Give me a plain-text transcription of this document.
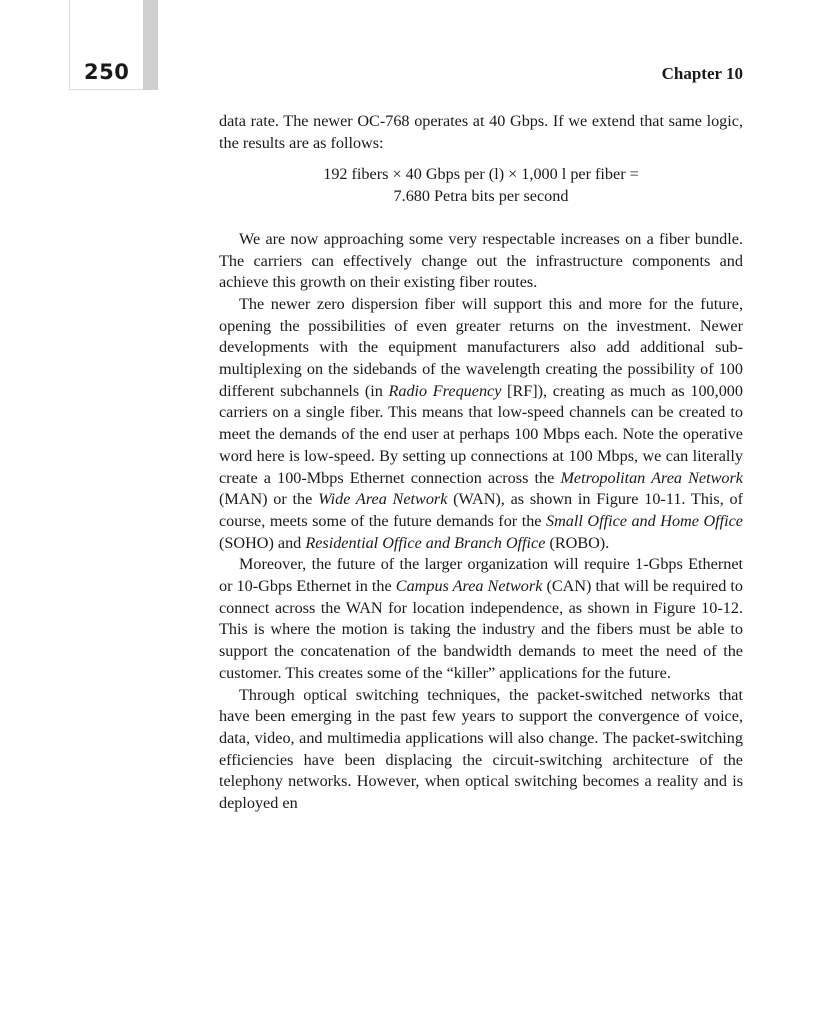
250	Chapter 10

data rate. The newer OC-768 operates at 40 Gbps. If we extend that same logic, the results are as follows:

192 fibers × 40 Gbps per (l) × 1,000 l per fiber =
7.680 Petra bits per second

We are now approaching some very respectable increases on a fiber bundle. The carriers can effectively change out the infrastructure components and achieve this growth on their existing fiber routes.

The newer zero dispersion fiber will support this and more for the future, opening the possibilities of even greater returns on the investment. Newer developments with the equipment manufacturers also add additional sub-multiplexing on the sidebands of the wavelength creating the possibility of 100 different subchannels (in Radio Frequency [RF]), creating as much as 100,000 carriers on a single fiber. This means that low-speed channels can be created to meet the demands of the end user at perhaps 100 Mbps each. Note the operative word here is low-speed. By setting up connections at 100 Mbps, we can literally create a 100-Mbps Ethernet connection across the Metropolitan Area Network (MAN) or the Wide Area Network (WAN), as shown in Figure 10-11. This, of course, meets some of the future demands for the Small Office and Home Office (SOHO) and Residential Office and Branch Office (ROBO).

Moreover, the future of the larger organization will require 1-Gbps Ethernet or 10-Gbps Ethernet in the Campus Area Network (CAN) that will be required to connect across the WAN for location independence, as shown in Figure 10-12. This is where the motion is taking the industry and the fibers must be able to support the concatenation of the bandwidth demands to meet the need of the customer. This creates some of the “killer” applications for the future.

Through optical switching techniques, the packet-switched networks that have been emerging in the past few years to support the convergence of voice, data, video, and multimedia applications will also change. The packet-switching efficiencies have been displacing the circuit-switching architecture of the telephony networks. However, when optical switching becomes a reality and is deployed en
